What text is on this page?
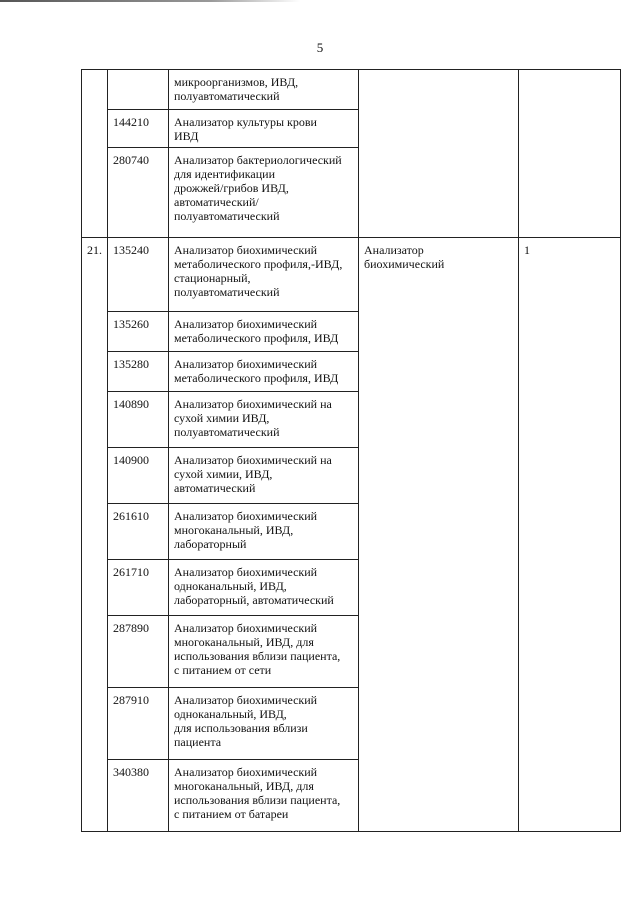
5
		микроорганизмов, ИВД,
полуавтоматический		
	144210	Анализатор культуры крови
ИВД		
	280740	Анализатор бактериологический
для идентификации
дрожжей/грибов ИВД,
автоматический/
полуавтоматический		
21.	135240	Анализатор биохимический
метаболического профиля,-ИВД,
стационарный,
полуавтоматический	Анализатор
биохимический	1
	135260	Анализатор биохимический
метаболического профиля, ИВД		
	135280	Анализатор биохимический
метаболического профиля, ИВД		
	140890	Анализатор биохимический на
сухой химии ИВД,
полуавтоматический		
	140900	Анализатор биохимический на
сухой химии, ИВД,
автоматический		
	261610	Анализатор биохимический
многоканальный, ИВД,
лабораторный		
	261710	Анализатор биохимический
одноканальный, ИВД,
лабораторный, автоматический		
	287890	Анализатор биохимический
многоканальный, ИВД, для
использования вблизи пациента,
с питанием от сети		
	287910	Анализатор биохимический
одноканальный, ИВД,
для использования вблизи
пациента		
	340380	Анализатор биохимический
многоканальный, ИВД, для
использования вблизи пациента,
с питанием от батареи		
